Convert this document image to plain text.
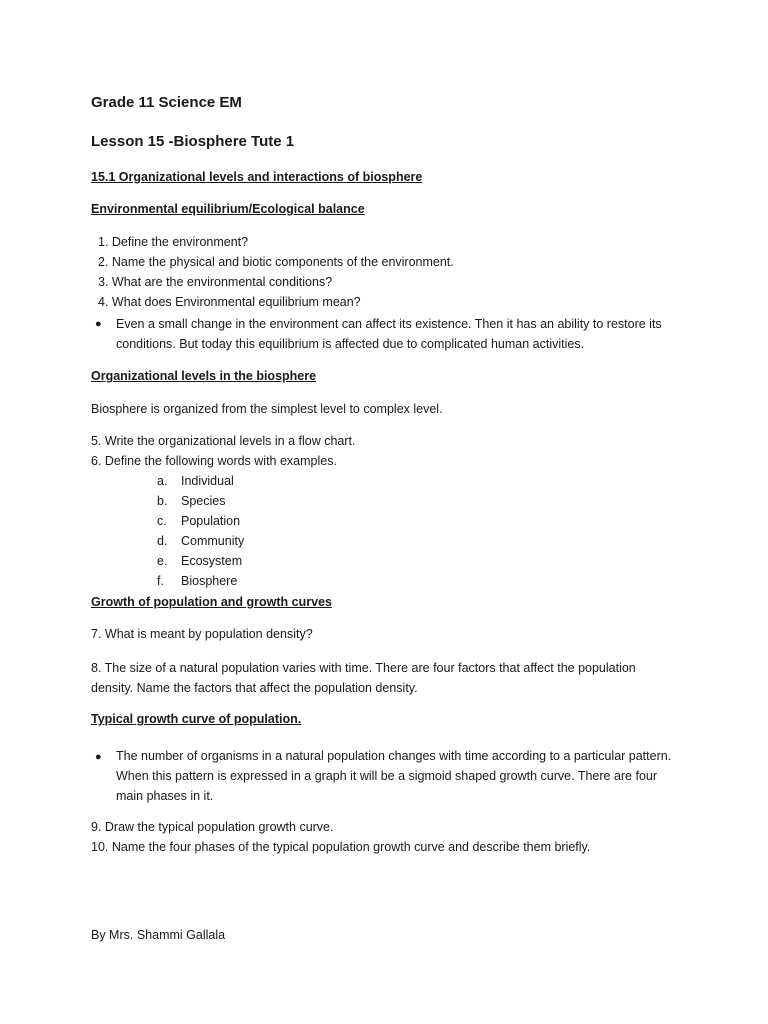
Grade 11 Science EM
Lesson 15 -Biosphere Tute 1
15.1 Organizational levels and interactions of biosphere
Environmental equilibrium/Ecological balance
1. Define the environment?
2. Name the physical and biotic components of the environment.
3. What are the environmental conditions?
4. What does Environmental equilibrium mean?
● Even a small change in the environment can affect its existence. Then it has an ability to restore its conditions. But today this equilibrium is affected due to complicated human activities.
Organizational levels in the biosphere
Biosphere is organized from the simplest level to complex level.
5. Write the organizational levels in a flow chart.
6. Define the following words with examples.
a. Individual
b. Species
c. Population
d. Community
e. Ecosystem
f. Biosphere
Growth of population and growth curves
7. What is meant by population density?
8. The size of a natural population varies with time. There are four factors that affect the population density. Name the factors that affect the population density.
Typical growth curve of population.
● The number of organisms in a natural population changes with time according to a particular pattern. When this pattern is expressed in a graph it will be a sigmoid shaped growth curve. There are four main phases in it.
9. Draw the typical population growth curve.
10. Name the four phases of the typical population growth curve and describe them briefly.
By Mrs. Shammi Gallala
